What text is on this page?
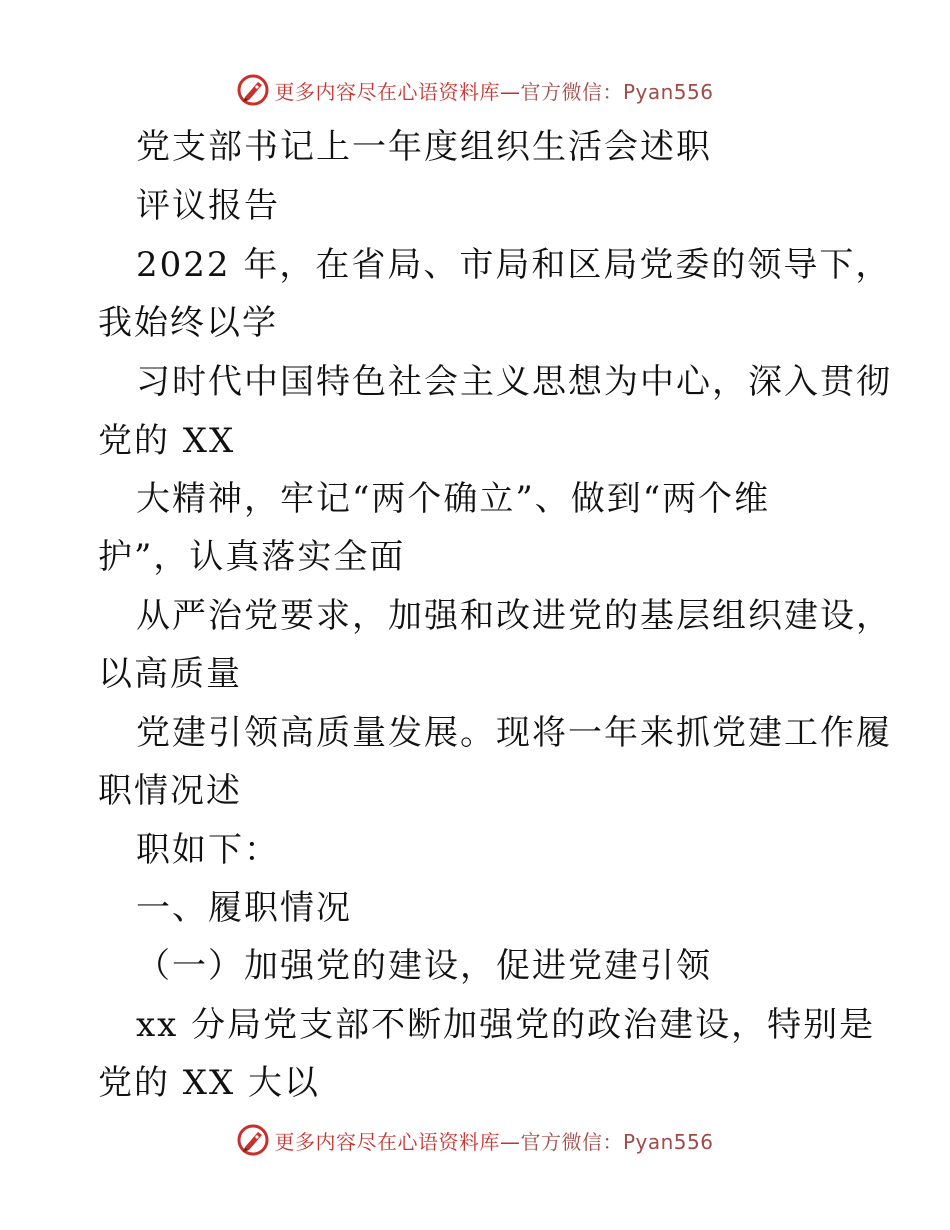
更多内容尽在心语资料库—官方微信：Pyan556
党支部书记上一年度组织生活会述职
评议报告
2022 年，在省局、市局和区局党委的领导下，
我始终以学
习时代中国特色社会主义思想为中心，深入贯彻
党的 XX
大精神，牢记“两个确立”、做到“两个维
护”，认真落实全面
从严治党要求，加强和改进党的基层组织建设，
以高质量
党建引领高质量发展。现将一年来抓党建工作履
职情况述
职如下：
一、履职情况
（一）加强党的建设，促进党建引领
xx 分局党支部不断加强党的政治建设，特别是
党的 XX 大以
更多内容尽在心语资料库—官方微信：Pyan556
